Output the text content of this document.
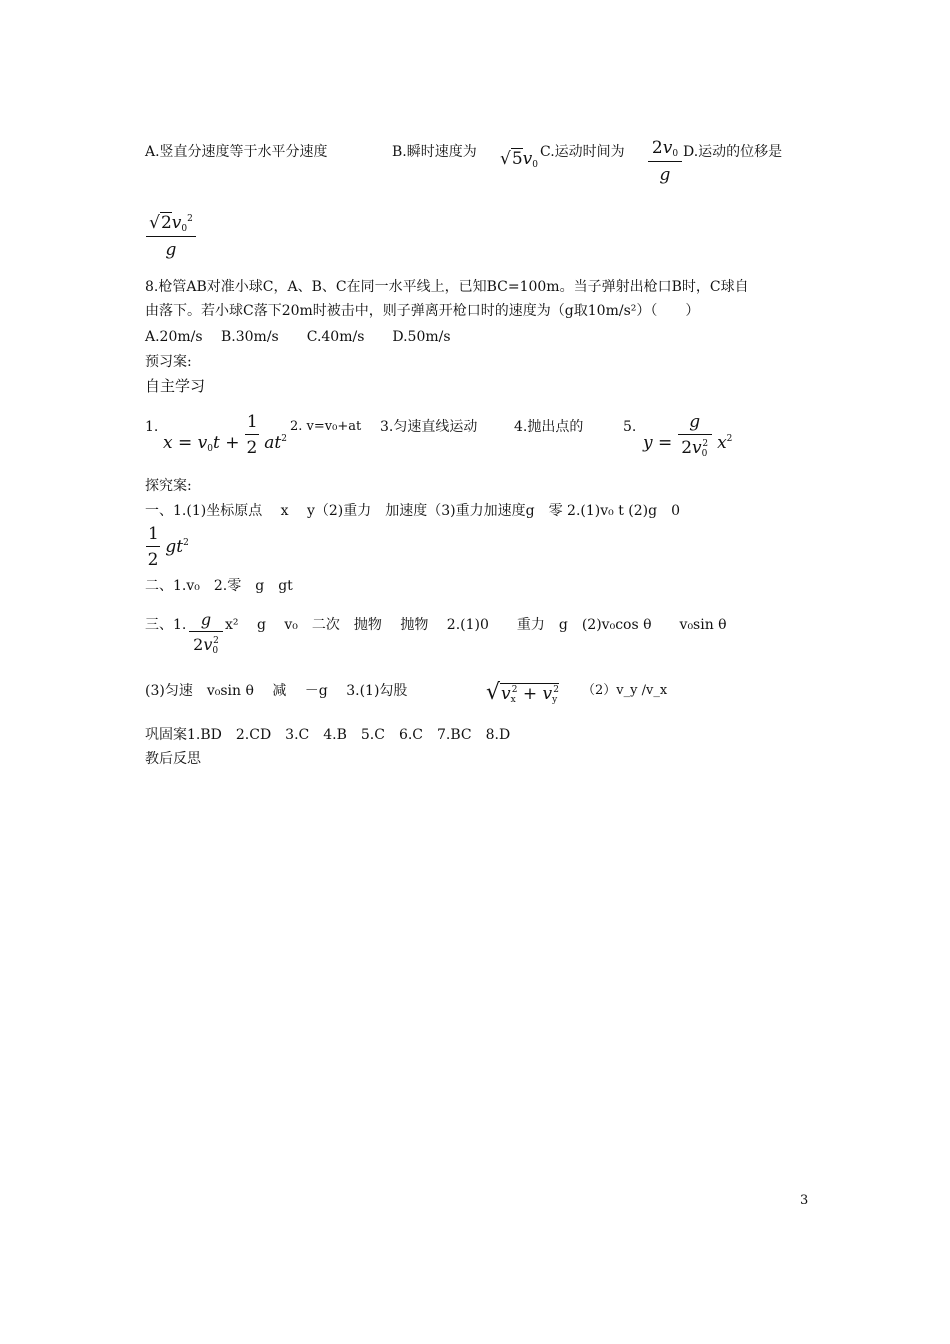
A.竖直分速度等于水平分速度	B.瞬时速度为 $√5v_0$
C.运动时间为 $\frac{2v_0}{g} D$.运动的位移是
$\frac{√2v_0^2}{g}$
8.枪管AB对准小球C，A、B、C在同一水平线上，已知BC=100m。当子弹射出枪口B时，C球自
由落下。若小球C落下20m时被击中，则子弹离开枪口时的速度为（g取10m/s²）（　　）
A.20m/s　 B.30m/s　　C.40m/s　　D.50m/s
预习案:
自主学习
1.
$x = v_0t + \frac{1}{2} at^2$
2. v=v₀+at 3.匀速直线运动	4.抛出点的	5.
$y = \frac{g}{2v_0^2} x^2$
探究案:
一、1.(1)坐标原点　 x　 y（2)重力　加速度（3)重力加速度g　零 2.(1)v₀ t (2)g　0
$\frac{1}{2} gt^2$
二、1.v₀　2.零　g　gt
三、1. $\frac{g}{2v_0^2} x^2$　 g　 v₀　二次　抛物　 抛物　 2.(1)0　　重力　g　(2)v₀cos θ　　v₀sin θ
(3)匀速　v₀sin θ　 减　 －g　 3.(1)勾股	$√v_x^2 + v_y^2$ （2）v_y /v_x
巩固案1.BD　2.CD　3.C　4.B　5.C　6.C　7.BC　8.D
教后反思
3
